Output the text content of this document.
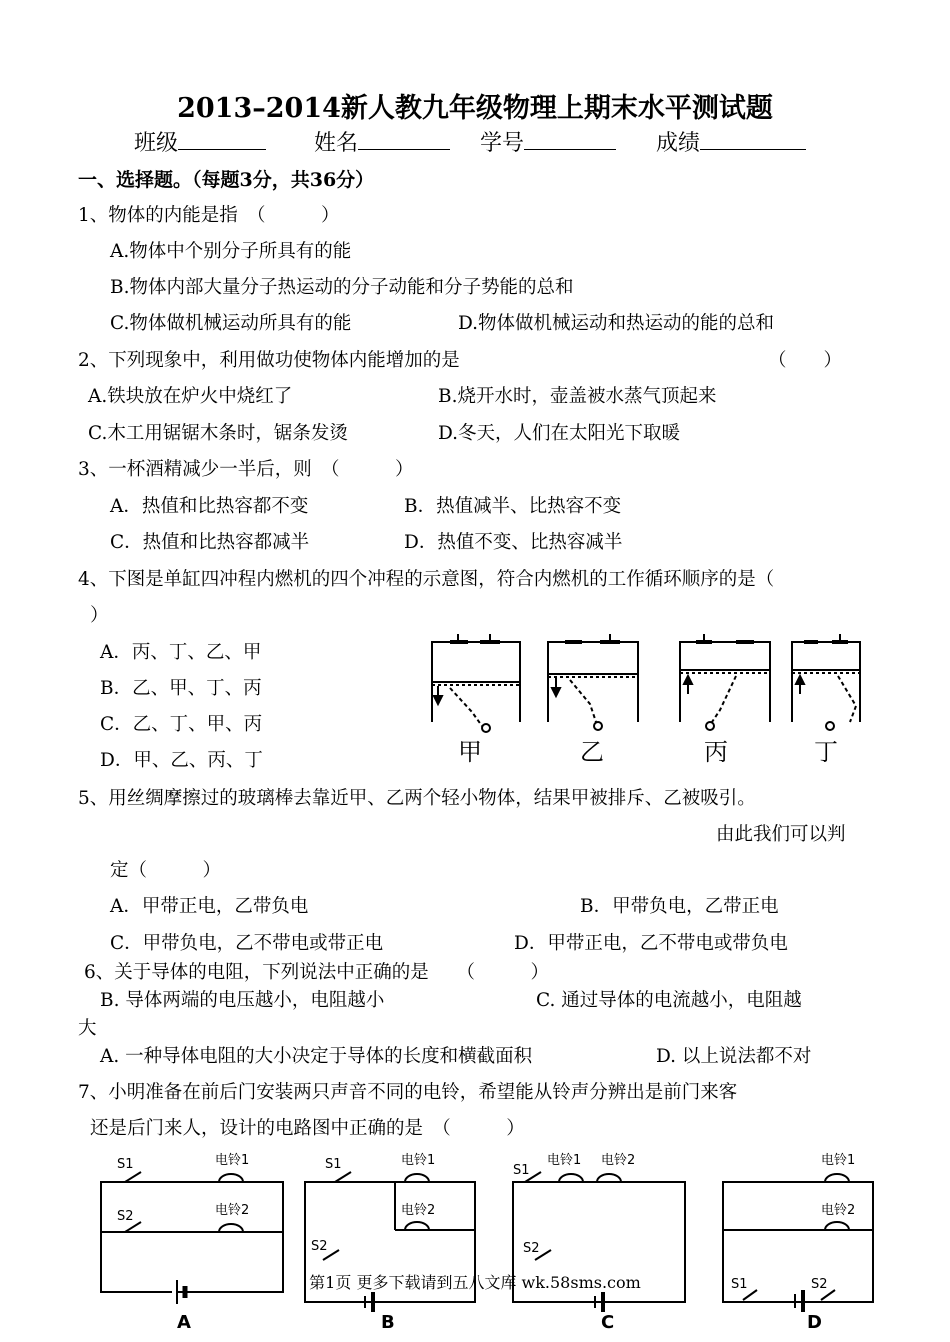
2013–2014新人教九年级物理上期末水平测试题
班级	姓名	学号	成绩
一、选择题。（每题3分，共36分）
1、物体的内能是指　（　　　）
A.物体中个别分子所具有的能
B.物体内部大量分子热运动的分子动能和分子势能的总和
C.物体做机械运动所具有的能	D.物体做机械运动和热运动的能的总和
2、下列现象中，利用做功使物体内能增加的是	（　　）
A.铁块放在炉火中烧红了	B.烧开水时，壶盖被水蒸气顶起来
C.木工用锯锯木条时，锯条发烫	D.冬天，人们在太阳光下取暖
3、一杯酒精减少一半后，则　（　　　）
A．热值和比热容都不变	B．热值减半、比热容不变
C．热值和比热容都减半	D．热值不变、比热容减半
4、下图是单缸四冲程内燃机的四个冲程的示意图，符合内燃机的工作循环顺序的是（
）
A．丙、丁、乙、甲
B．乙、甲、丁、丙
C．乙、丁、甲、丙
D．甲、乙、丙、丁	甲	乙	丙	丁
5、用丝绸摩擦过的玻璃棒去靠近甲、乙两个轻小物体，结果甲被排斥、乙被吸引。
由此我们可以判
定（　　　）
A．甲带正电，乙带负电	B．甲带负电，乙带正电
C．甲带负电，乙不带电或带正电	D．甲带正电，乙不带电或带负电
6、关于导体的电阻，下列说法中正确的是　　（　　　）
B. 导体两端的电压越小，电阻越小	C. 通过导体的电流越小，电阻越
大
A. 一种导体电阻的大小决定于导体的长度和横截面积	D. 以上说法都不对
7、小明准备在前后门安装两只声音不同的电铃，希望能从铃声分辨出是前门来客
还是后门来人，设计的电路图中正确的是　（　　　）
电铃1
电铃2
S1
S2
电铃1
电铃2
S1
S2
电铃1 电铃2
S1
S2
电铃1
电铃2
S1	S2
A	B	C	D
第1页 更多下载请到五八文库 wk.58sms.com
